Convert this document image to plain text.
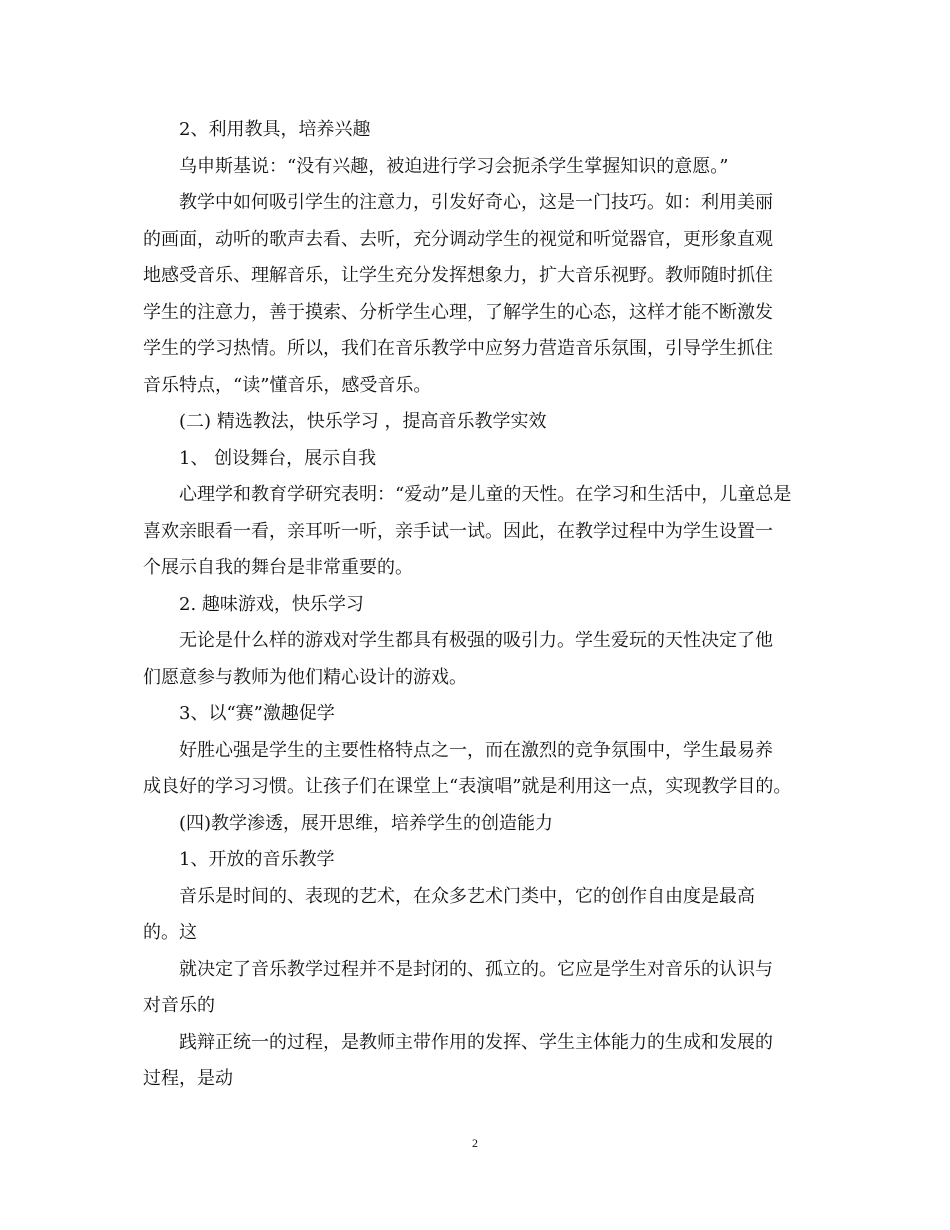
2、利用教具，培养兴趣
乌申斯基说：“没有兴趣，被迫进行学习会扼杀学生掌握知识的意愿。”
教学中如何吸引学生的注意力，引发好奇心，这是一门技巧。如：利用美丽
的画面，动听的歌声去看、去听，充分调动学生的视觉和听觉器官，更形象直观
地感受音乐、理解音乐，让学生充分发挥想象力，扩大音乐视野。教师随时抓住
学生的注意力，善于摸索、分析学生心理，了解学生的心态，这样才能不断激发
学生的学习热情。所以，我们在音乐教学中应努力营造音乐氛围，引导学生抓住
音乐特点，“读”懂音乐，感受音乐。
(二) 精选教法，快乐学习 ，提高音乐教学实效
1、 创设舞台，展示自我
心理学和教育学研究表明：“爱动”是儿童的天性。在学习和生活中，儿童总是
喜欢亲眼看一看，亲耳听一听，亲手试一试。因此，在教学过程中为学生设置一
个展示自我的舞台是非常重要的。
2. 趣味游戏，快乐学习
无论是什么样的游戏对学生都具有极强的吸引力。学生爱玩的天性决定了他
们愿意参与教师为他们精心设计的游戏。
3、以“赛”激趣促学
好胜心强是学生的主要性格特点之一，而在激烈的竞争氛围中，学生最易养
成良好的学习习惯。让孩子们在课堂上“表演唱”就是利用这一点，实现教学目的。
(四)教学渗透，展开思维，培养学生的创造能力
1、开放的音乐教学
音乐是时间的、表现的艺术，在众多艺术门类中，它的创作自由度是最高
的。这
就决定了音乐教学过程并不是封闭的、孤立的。它应是学生对音乐的认识与
对音乐的
践辩正统一的过程，是教师主带作用的发挥、学生主体能力的生成和发展的
过程，是动
2
